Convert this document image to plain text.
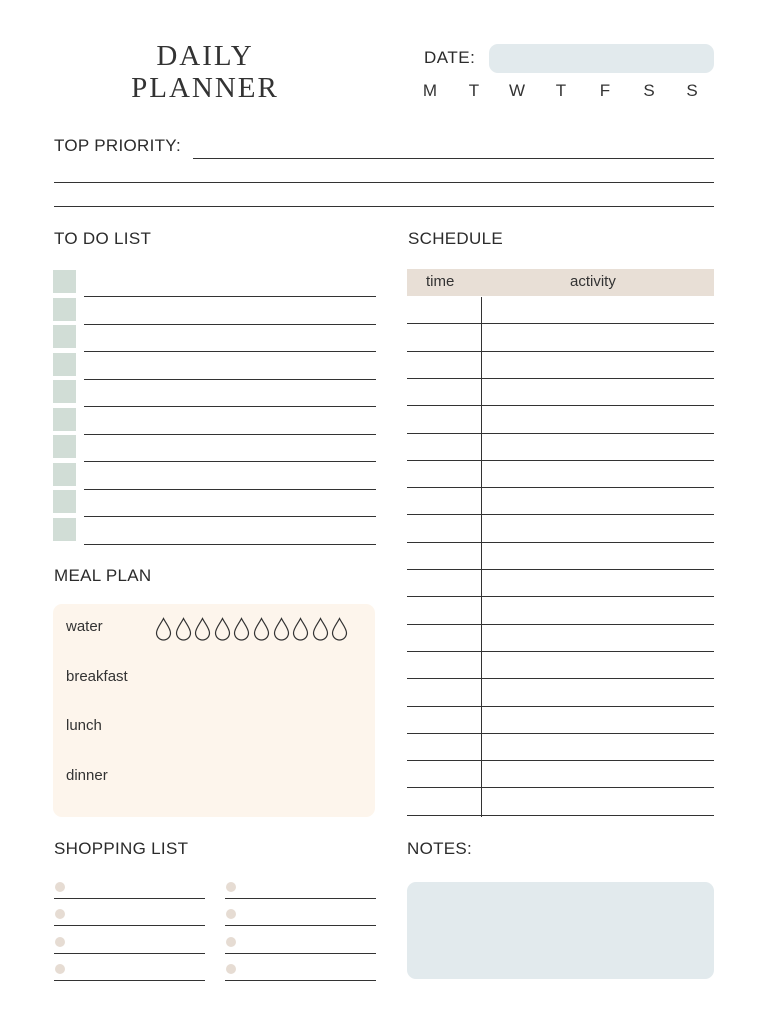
DAILY
PLANNER
DATE:
M T W T F S S
TOP PRIORITY:
TO DO LIST	SCHEDULE
time	activity
MEAL PLAN
water
breakfast
lunch
dinner
SHOPPING LIST	NOTES:
